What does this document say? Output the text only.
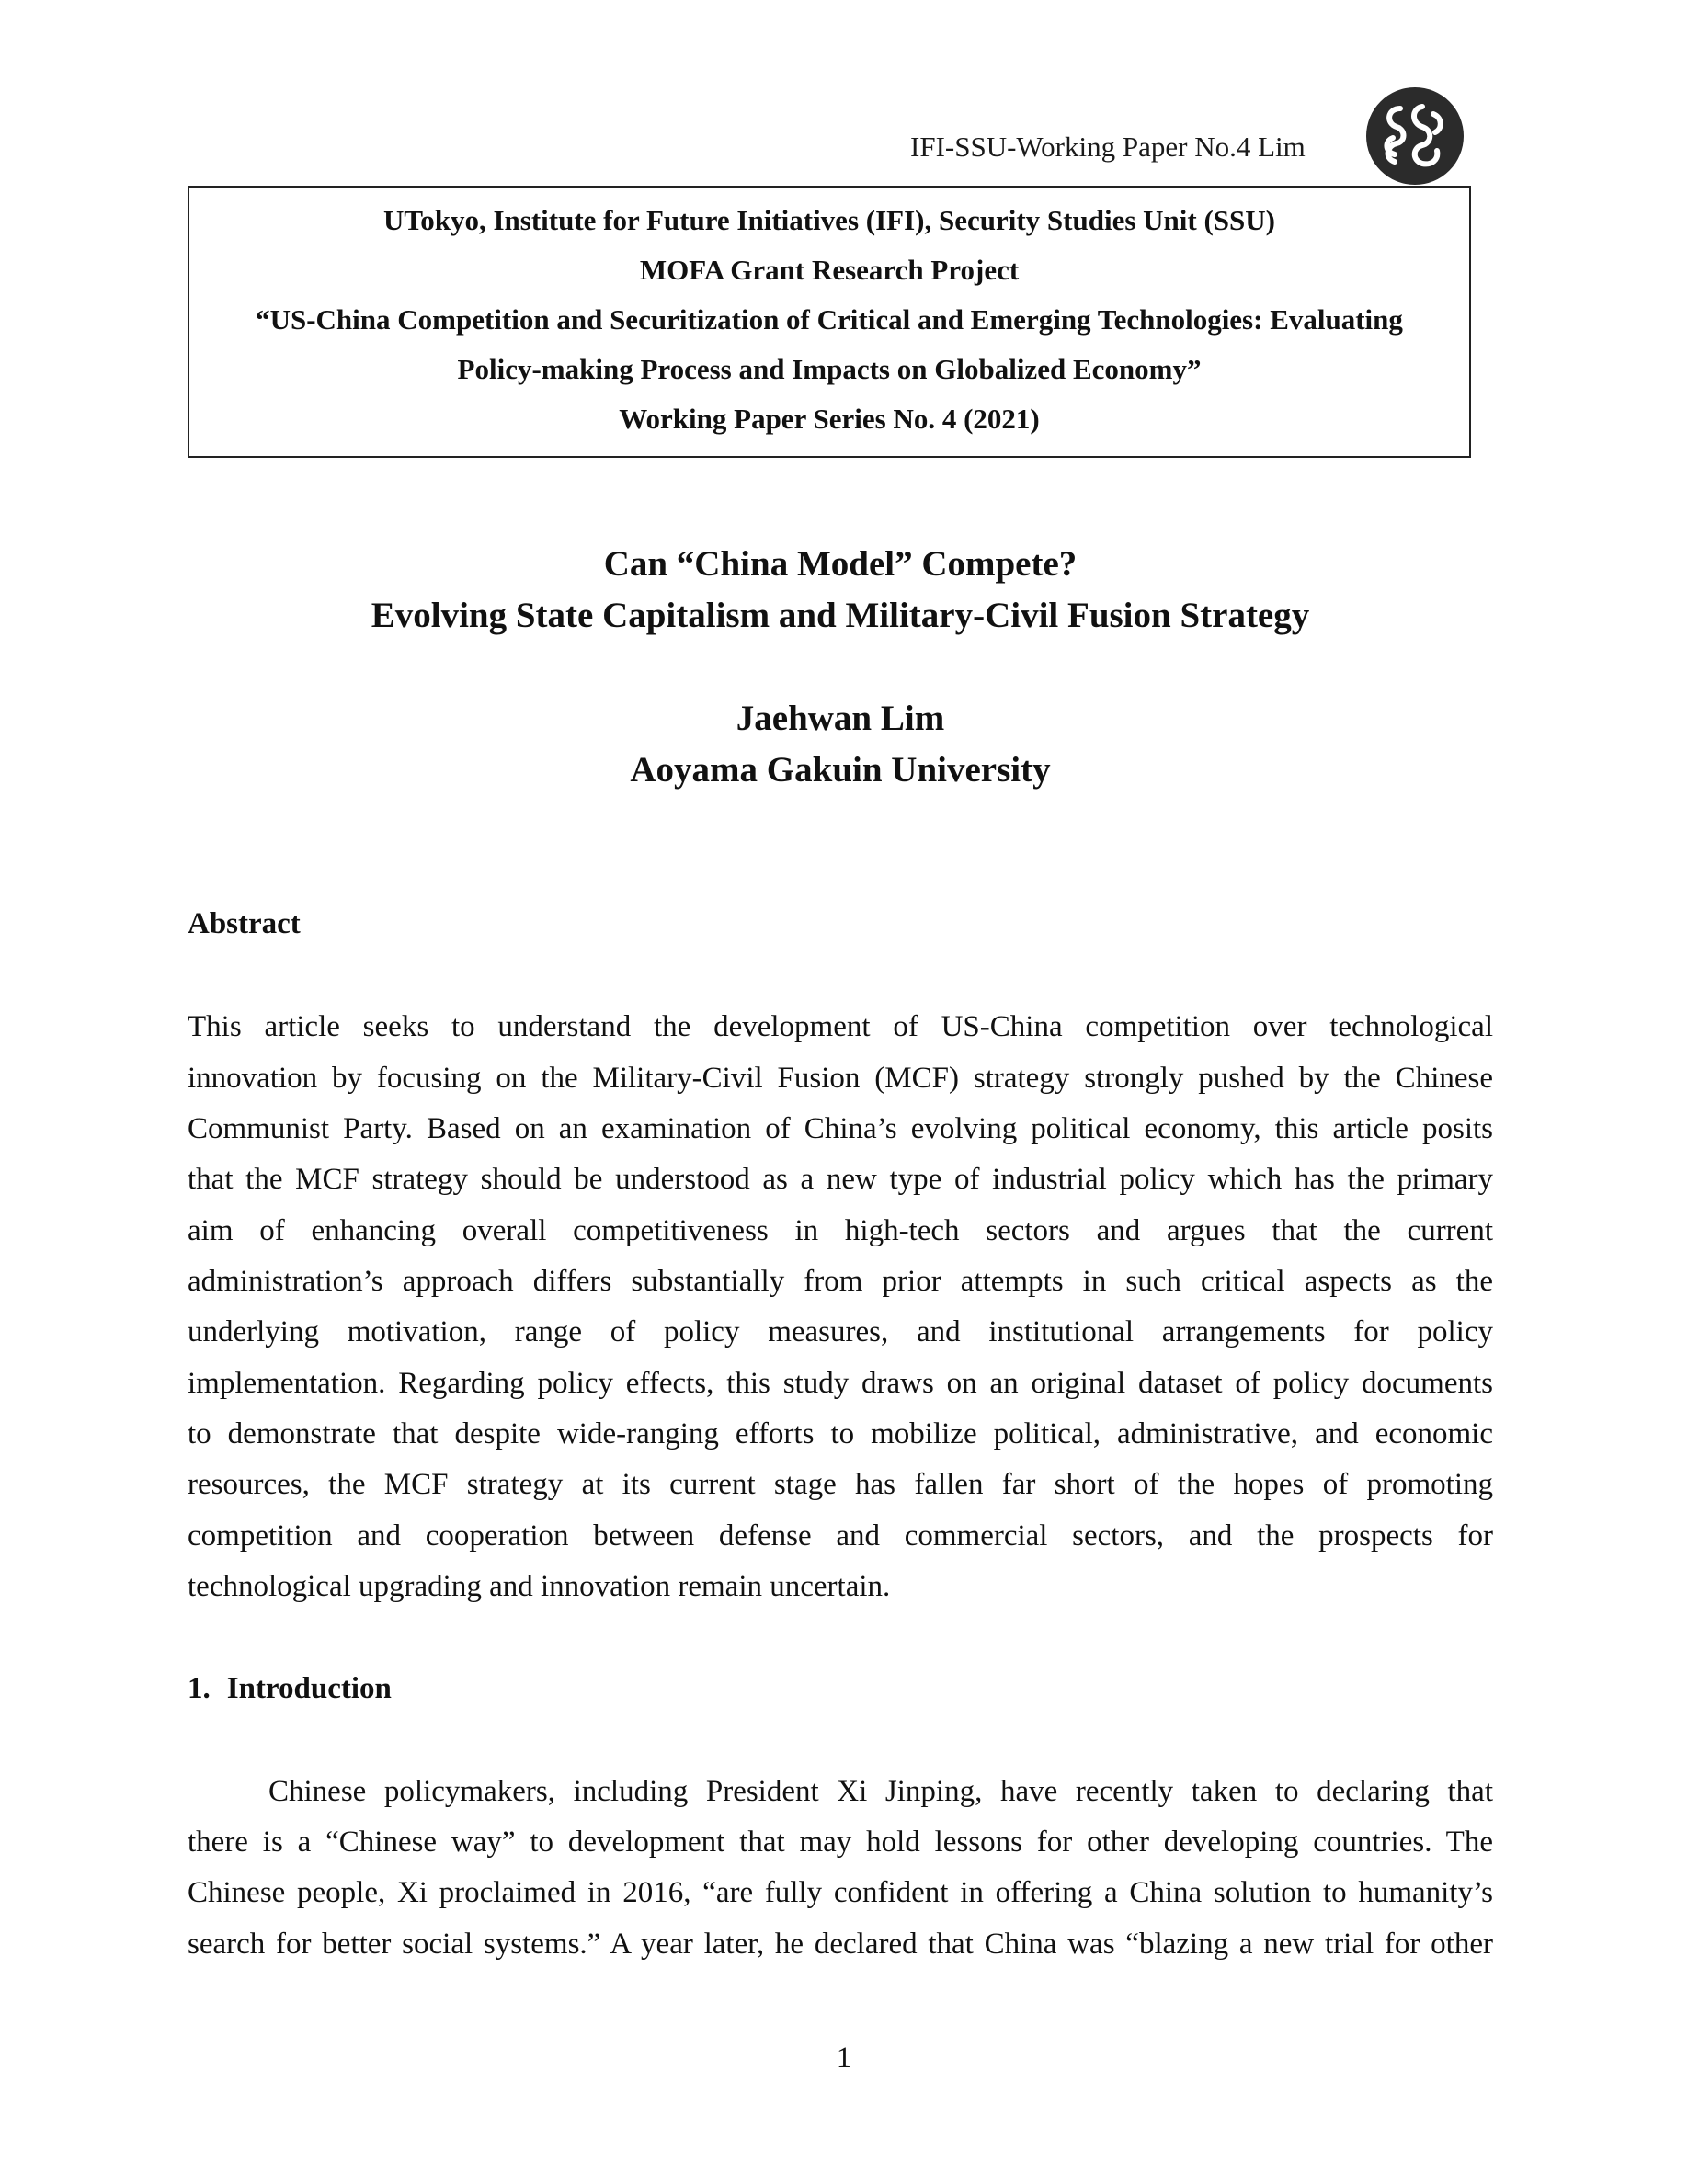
IFI-SSU-Working Paper No.4 Lim
UTokyo, Institute for Future Initiatives (IFI), Security Studies Unit (SSU)
MOFA Grant Research Project
“US-China Competition and Securitization of Critical and Emerging Technologies: Evaluating
Policy-making Process and Impacts on Globalized Economy”
Working Paper Series No. 4 (2021)
Can “China Model” Compete?
Evolving State Capitalism and Military-Civil Fusion Strategy
Jaehwan Lim
Aoyama Gakuin University
Abstract
This article seeks to understand the development of US-China competition over technological
innovation by focusing on the Military-Civil Fusion (MCF) strategy strongly pushed by the Chinese
Communist Party. Based on an examination of China’s evolving political economy, this article posits
that the MCF strategy should be understood as a new type of industrial policy which has the primary
aim of enhancing overall competitiveness in high-tech sectors and argues that the current
administration’s approach differs substantially from prior attempts in such critical aspects as the
underlying motivation, range of policy measures, and institutional arrangements for policy
implementation. Regarding policy effects, this study draws on an original dataset of policy documents
to demonstrate that despite wide-ranging efforts to mobilize political, administrative, and economic
resources, the MCF strategy at its current stage has fallen far short of the hopes of promoting
competition and cooperation between defense and commercial sectors, and the prospects for
technological upgrading and innovation remain uncertain.
1. Introduction
Chinese policymakers, including President Xi Jinping, have recently taken to declaring that
there is a “Chinese way” to development that may hold lessons for other developing countries. The
Chinese people, Xi proclaimed in 2016, “are fully confident in offering a China solution to humanity’s
search for better social systems.” A year later, he declared that China was “blazing a new trial for other
1
